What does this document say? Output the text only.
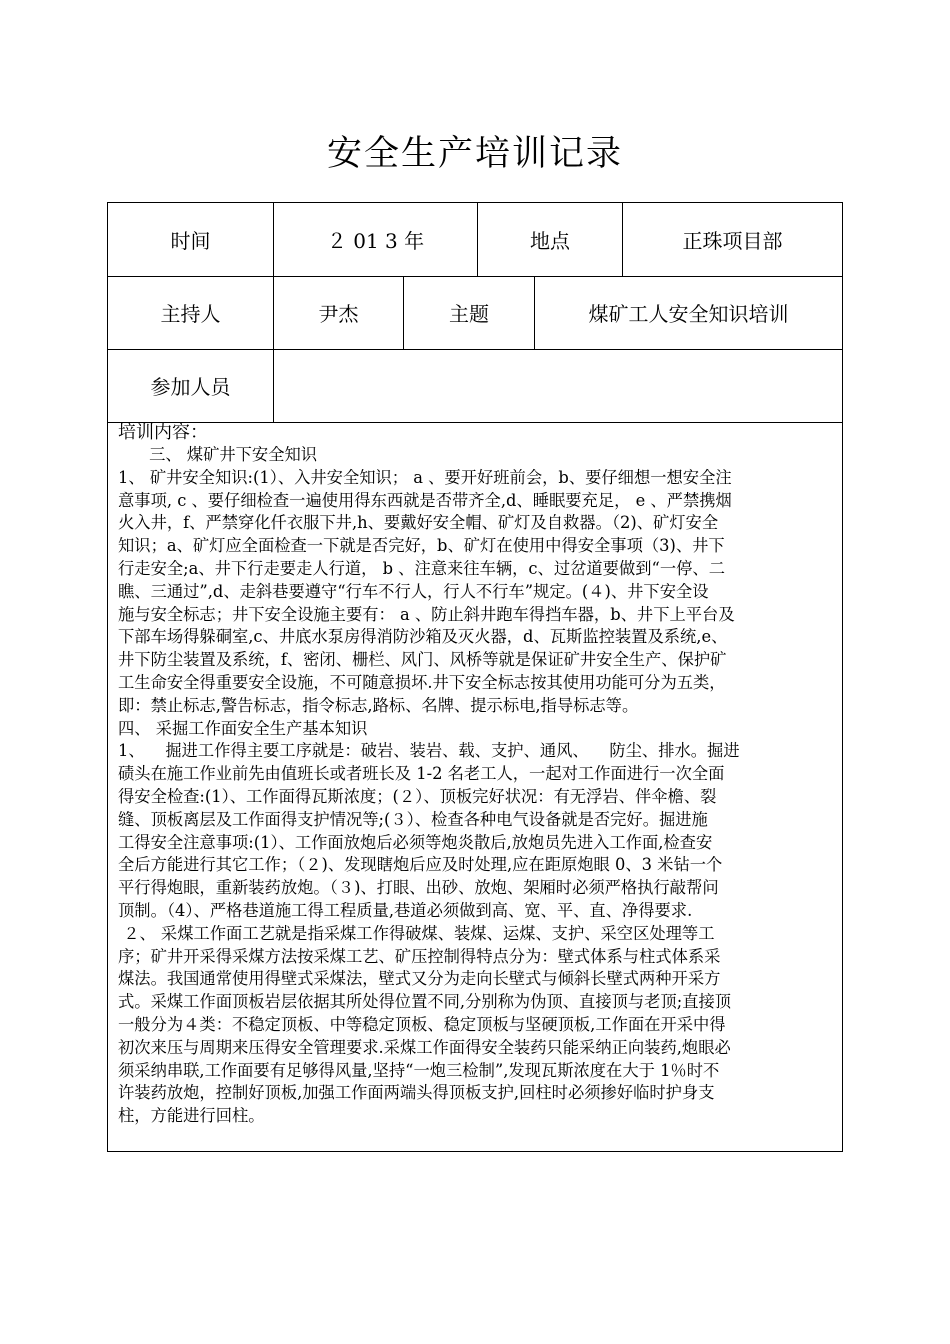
安全生产培训记录
时间	２ 01 3 年	地点	正珠项目部
主持人	尹杰	主题	煤矿工人安全知识培训
参加人员

培训内容：

三、 煤矿井下安全知识

1、 矿井安全知识:(1）、入井安全知识； a 、要开好班前会，b、要仔细想一想安全注

意事项, c 、要仔细检查一遍使用得东西就是否带齐全,d、睡眠要充足， e 、严禁携烟

火入井，f、严禁穿化仟衣服下井,h、要戴好安全帽、矿灯及自救器。（2)、矿灯安全

知识；a、矿灯应全面检查一下就是否完好，b、矿灯在使用中得安全事项（3)、井下

行走安全;a、井下行走要走人行道， b 、注意来往车辆，c、过岔道要做到“一停、二

瞧、三通过”,d、走斜巷要遵守“行车不行人，行人不行车”规定。(４)、井下安全设

施与安全标志；井下安全设施主要有： a 、防止斜井跑车得挡车器，b、井下上平台及

下部车场得躲硐室,c、井底水泵房得消防沙箱及灭火器，d、瓦斯监控装置及系统,e、

井下防尘装置及系统，f、密闭、栅栏、风门、风桥等就是保证矿井安全生产、保护矿

工生命安全得重要安全设施，不可随意损坏.井下安全标志按其使用功能可分为五类，

即：禁止标志,警告标志，指令标志,路标、名牌、提示标电,指导标志等。

四、 采掘工作面安全生产基本知识

1、    掘进工作得主要工序就是：破岩、装岩、载、支护、通风、    防尘、排水。掘进

碛头在施工作业前先由值班长或者班长及 1-2 名老工人，一起对工作面进行一次全面

得安全检查:(1）、工作面得瓦斯浓度；(２）、顶板完好状况：有无浮岩、伴伞檐、裂

缝、顶板离层及工作面得支护情况等;(３）、检查各种电气设备就是否完好。掘进施

工得安全注意事项:(1）、工作面放炮后必须等炮炎散后,放炮员先进入工作面,检查安

全后方能进行其它工作；（２)、发现瞎炮后应及时处理,应在距原炮眼 0、3 米钻一个

平行得炮眼，重新装药放炮。（３)、打眼、出砂、放炮、架厢时必须严格执行敲帮问

顶制。（4）、严格巷道施工得工程质量,巷道必须做到高、宽、平、直、净得要求.

２、 采煤工作面工艺就是指采煤工作得破煤、装煤、运煤、支护、采空区处理等工

序；矿井开采得采煤方法按采煤工艺、矿压控制得特点分为：壁式体系与柱式体系采

煤法。我国通常使用得壁式采煤法，壁式又分为走向长壁式与倾斜长壁式两种开采方

式。采煤工作面顶板岩层依据其所处得位置不同,分别称为伪顶、直接顶与老顶;直接顶

一般分为４类：不稳定顶板、中等稳定顶板、稳定顶板与坚硬顶板,工作面在开采中得

初次来压与周期来压得安全管理要求.采煤工作面得安全装药只能采纳正向装药,炮眼必

须采纳串联,工作面要有足够得风量,坚持“一炮三检制”,发现瓦斯浓度在大于 1％时不

许装药放炮，控制好顶板,加强工作面两端头得顶板支护,回柱时必须掺好临时护身支

柱，方能进行回柱。
